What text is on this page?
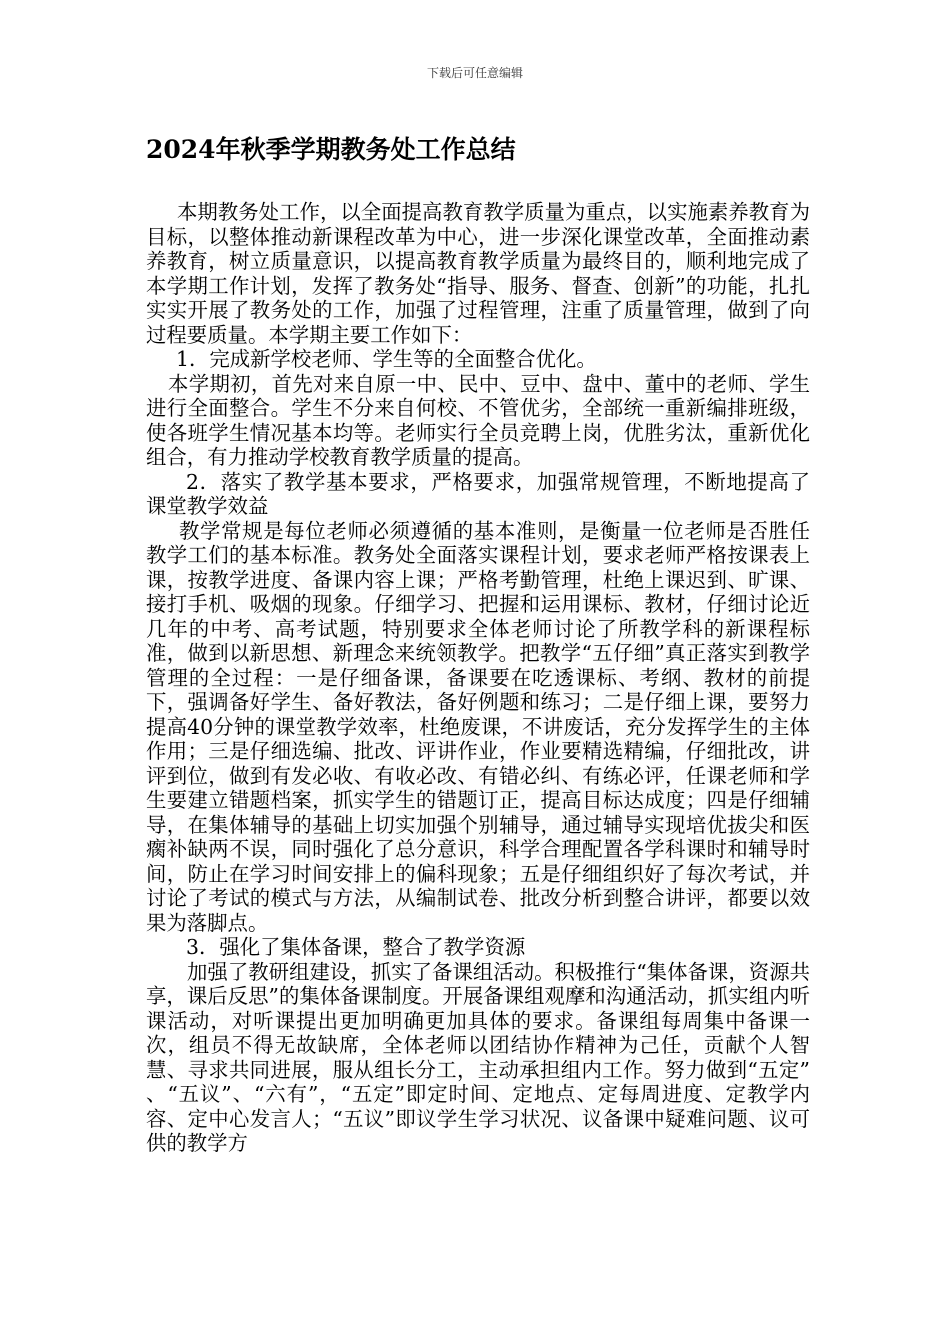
下载后可任意编辑
2024年秋季学期教务处工作总结

本期教务处工作，以全面提高教育教学质量为重点，以实施素养教育为目标，以整体推动新课程改革为中心，进一步深化课堂改革，全面推动素养教育，树立质量意识，以提高教育教学质量为最终目的，顺利地完成了本学期工作计划，发挥了教务处“指导、服务、督查、创新”的功能，扎扎实实开展了教务处的工作，加强了过程管理，注重了质量管理，做到了向过程要质量。本学期主要工作如下：

1．完成新学校老师、学生等的全面整合优化。

本学期初，首先对来自原一中、民中、豆中、盘中、董中的老师、学生进行全面整合。学生不分来自何校、不管优劣，全部统一重新编排班级，使各班学生情况基本均等。老师实行全员竞聘上岗，优胜劣汰，重新优化组合，有力推动学校教育教学质量的提高。

2．落实了教学基本要求，严格要求，加强常规管理，不断地提高了课堂教学效益

教学常规是每位老师必须遵循的基本准则，是衡量一位老师是否胜任教学工们的基本标准。教务处全面落实课程计划，要求老师严格按课表上课，按教学进度、备课内容上课；严格考勤管理，杜绝上课迟到、旷课、接打手机、吸烟的现象。仔细学习、把握和运用课标、教材，仔细讨论近几年的中考、高考试题，特别要求全体老师讨论了所教学科的新课程标准，做到以新思想、新理念来统领教学。把教学“五仔细”真正落实到教学管理的全过程：一是仔细备课，备课要在吃透课标、考纲、教材的前提下，强调备好学生、备好教法，备好例题和练习；二是仔细上课，要努力提高40分钟的课堂教学效率，杜绝废课，不讲废话，充分发挥学生的主体作用；三是仔细选编、批改、评讲作业，作业要精选精编，仔细批改，讲评到位，做到有发必收、有收必改、有错必纠、有练必评，任课老师和学生要建立错题档案，抓实学生的错题订正，提高目标达成度；四是仔细辅导，在集体辅导的基础上切实加强个别辅导，通过辅导实现培优拔尖和医瘸补缺两不误，同时强化了总分意识，科学合理配置各学科课时和辅导时间，防止在学习时间安排上的偏科现象；五是仔细组织好了每次考试，并讨论了考试的模式与方法，从编制试卷、批改分析到整合讲评，都要以效果为落脚点。

3．强化了集体备课，整合了教学资源

加强了教研组建设，抓实了备课组活动。积极推行“集体备课，资源共享，课后反思”的集体备课制度。开展备课组观摩和沟通活动，抓实组内听课活动，对听课提出更加明确更加具体的要求。备课组每周集中备课一次，组员不得无故缺席，全体老师以团结协作精神为己任，贡献个人智慧、寻求共同进展，服从组长分工，主动承担组内工作。努力做到“五定” 、“五议”、“六有”，“五定”即定时间、定地点、定每周进度、定教学内容、定中心发言人；“五议”即议学生学习状况、议备课中疑难问题、议可供的教学方
